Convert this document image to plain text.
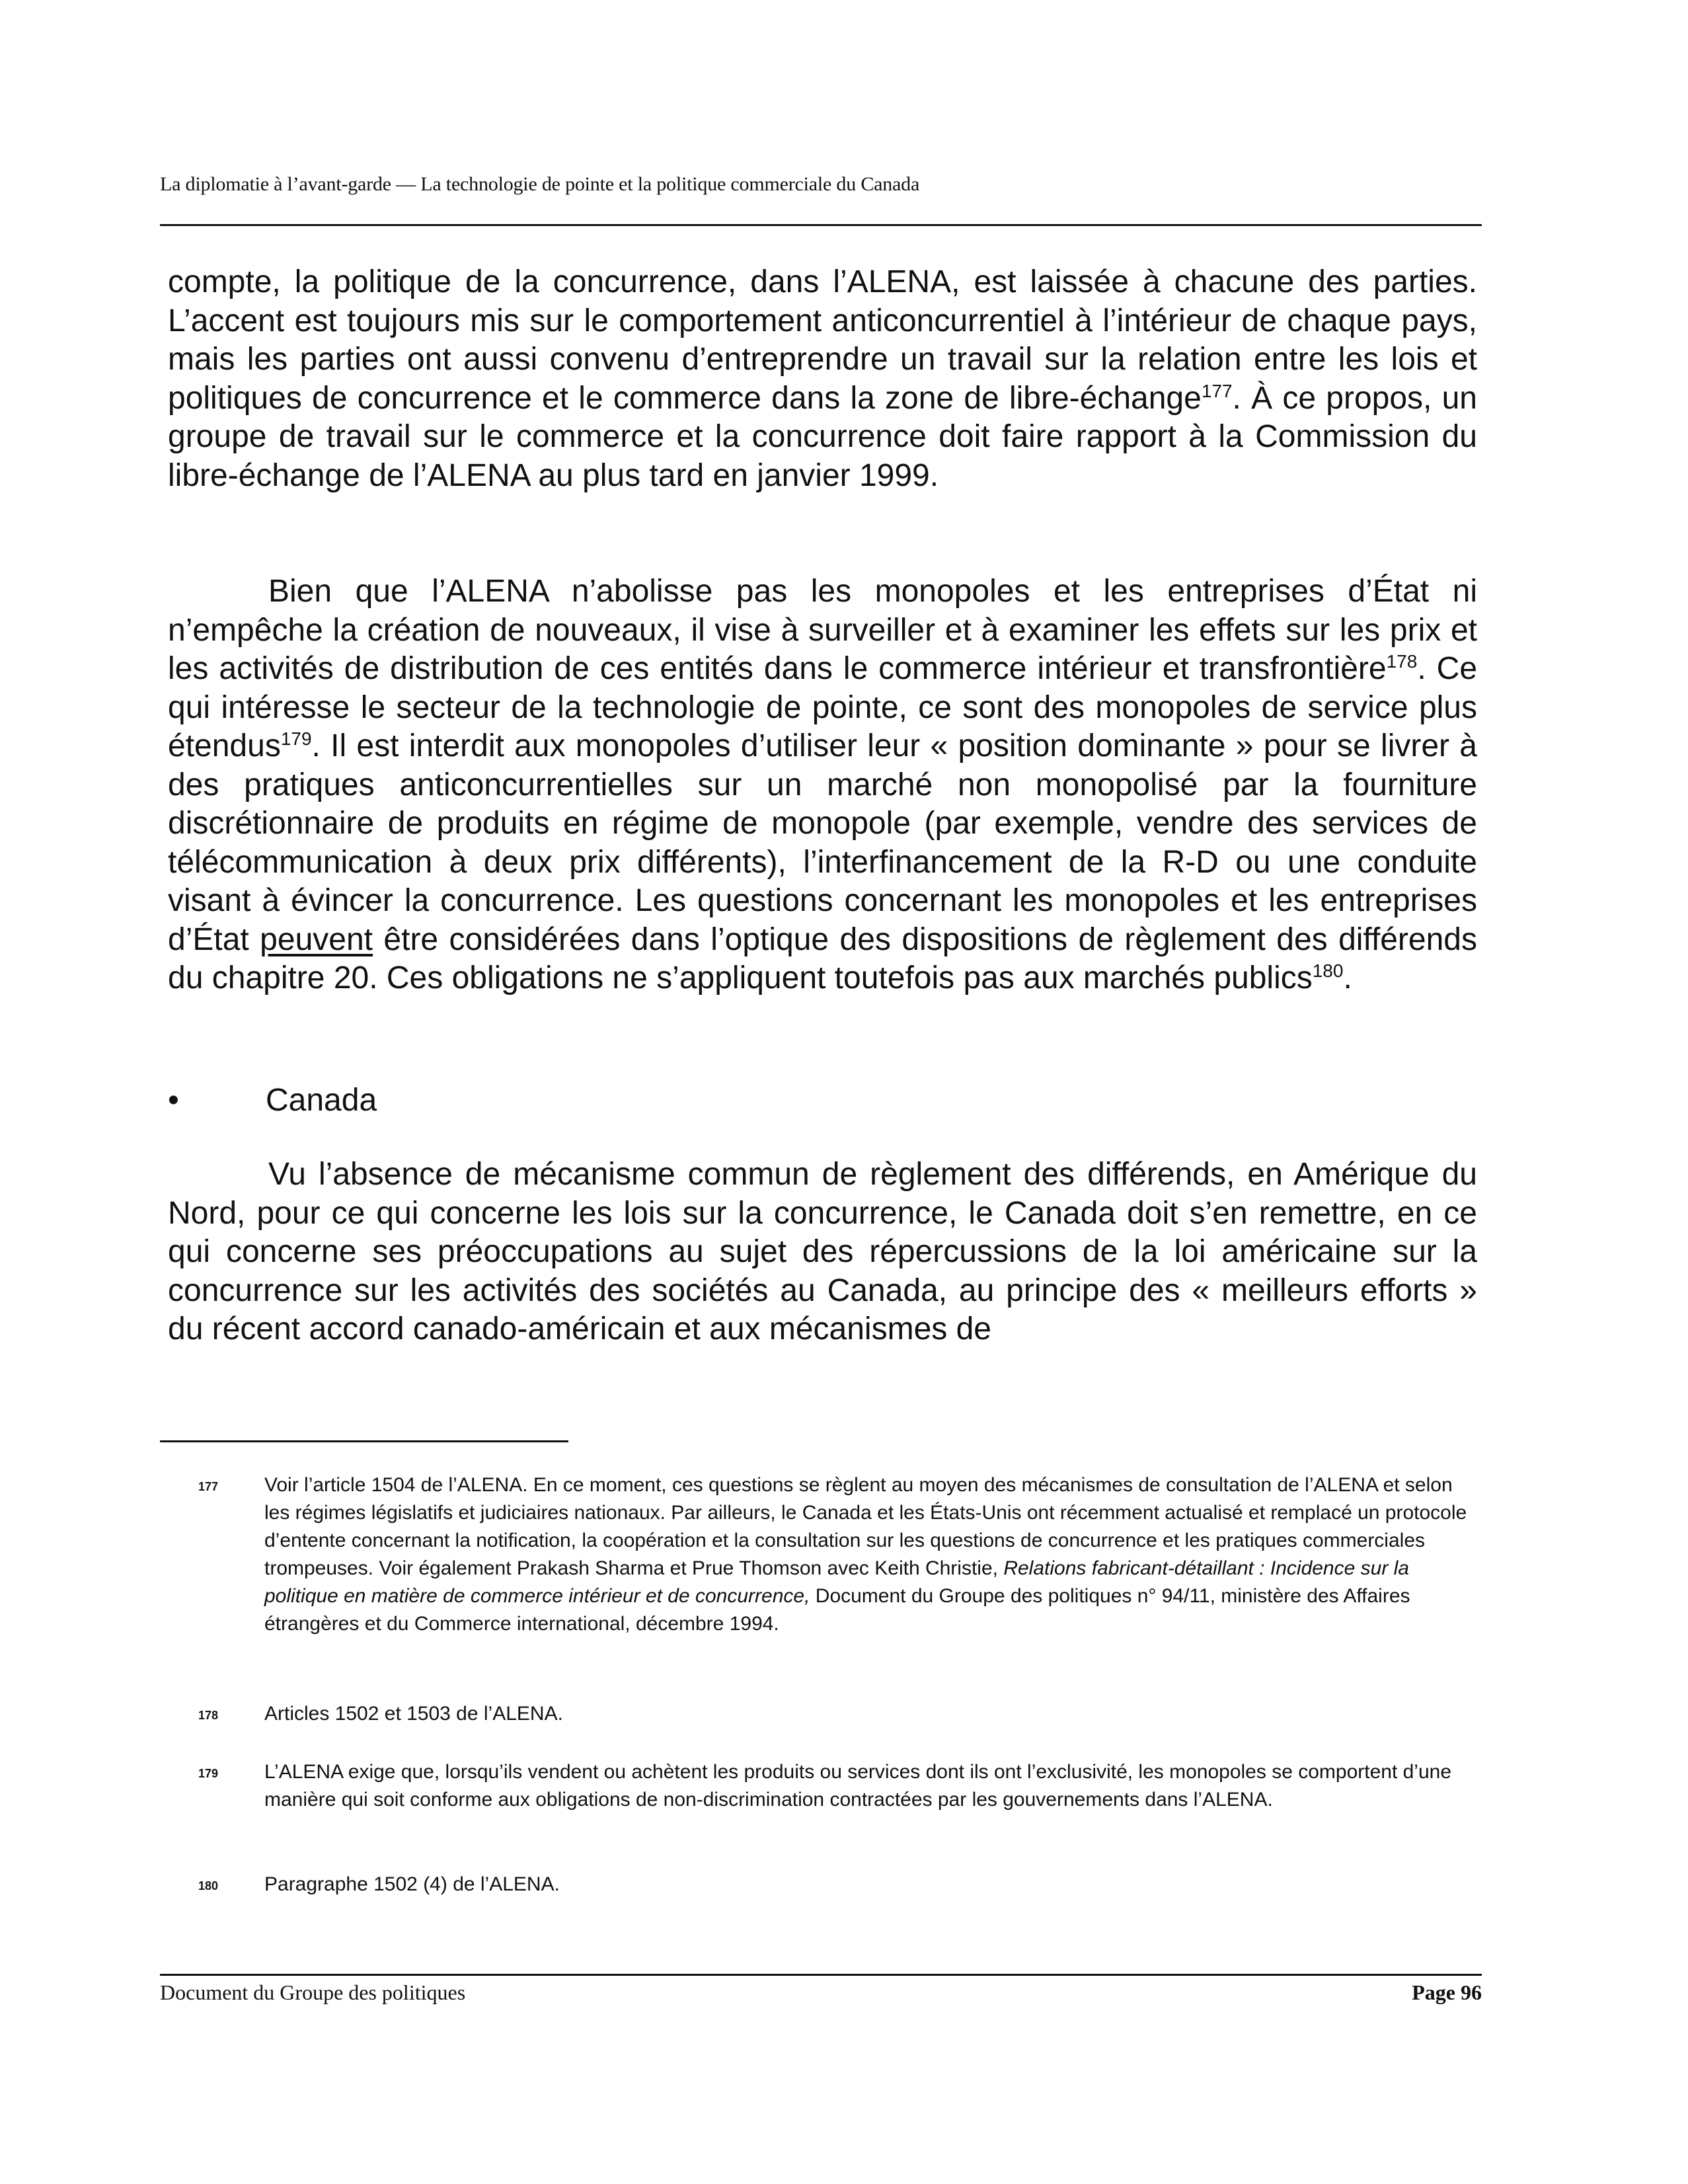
La diplomatie à l’avant-garde — La technologie de pointe et la politique commerciale du Canada

compte, la politique de la concurrence, dans l’ALENA, est laissée à chacune des parties. L’accent est toujours mis sur le comportement anticoncurrentiel à l’intérieur de chaque pays, mais les parties ont aussi convenu d’entreprendre un travail sur la relation entre les lois et politiques de concurrence et le commerce dans la zone de libre-échange$^{177}$. À ce propos, un groupe de travail sur le commerce et la concurrence doit faire rapport à la Commission du libre-échange de l’ALENA au plus tard en janvier 1999.

Bien que l’ALENA n’abolisse pas les monopoles et les entreprises d’État ni n’empêche la création de nouveaux, il vise à surveiller et à examiner les effets sur les prix et les activités de distribution de ces entités dans le commerce intérieur et transfrontière$^{178}$. Ce qui intéresse le secteur de la technologie de pointe, ce sont des monopoles de service plus étendus$^{179}$. Il est interdit aux monopoles d’utiliser leur « position dominante » pour se livrer à des pratiques anticoncurrentielles sur un marché non monopolisé par la fourniture discrétionnaire de produits en régime de monopole (par exemple, vendre des services de télécommunication à deux prix différents), l’interfinancement de la R-D ou une conduite visant à évincer la concurrence. Les questions concernant les monopoles et les entreprises d’État peuvent être considérées dans l’optique des dispositions de règlement des différends du chapitre 20. Ces obligations ne s’appliquent toutefois pas aux marchés publics$^{180}$.

•	Canada

Vu l’absence de mécanisme commun de règlement des différends, en Amérique du Nord, pour ce qui concerne les lois sur la concurrence, le Canada doit s’en remettre, en ce qui concerne ses préoccupations au sujet des répercussions de la loi américaine sur la concurrence sur les activités des sociétés au Canada, au principe des « meilleurs efforts » du récent accord canado-américain et aux mécanismes de

177 Voir l’article 1504 de l’ALENA. En ce moment, ces questions se règlent au moyen des mécanismes de consultation de l’ALENA et selon les régimes législatifs et judiciaires nationaux. Par ailleurs, le Canada et les États-Unis ont récemment actualisé et remplacé un protocole d’entente concernant la notification, la coopération et la consultation sur les questions de concurrence et les pratiques commerciales trompeuses. Voir également Prakash Sharma et Prue Thomson avec Keith Christie, Relations fabricant-détaillant : Incidence sur la politique en matière de commerce intérieur et de concurrence, Document du Groupe des politiques n° 94/11, ministère des Affaires étrangères et du Commerce international, décembre 1994.
178 Articles 1502 et 1503 de l’ALENA.
179 L’ALENA exige que, lorsqu’ils vendent ou achètent les produits ou services dont ils ont l’exclusivité, les monopoles se comportent d’une manière qui soit conforme aux obligations de non-discrimination contractées par les gouvernements dans l’ALENA.
180 Paragraphe 1502 (4) de l’ALENA.
Document du Groupe des politiques	Page 96
